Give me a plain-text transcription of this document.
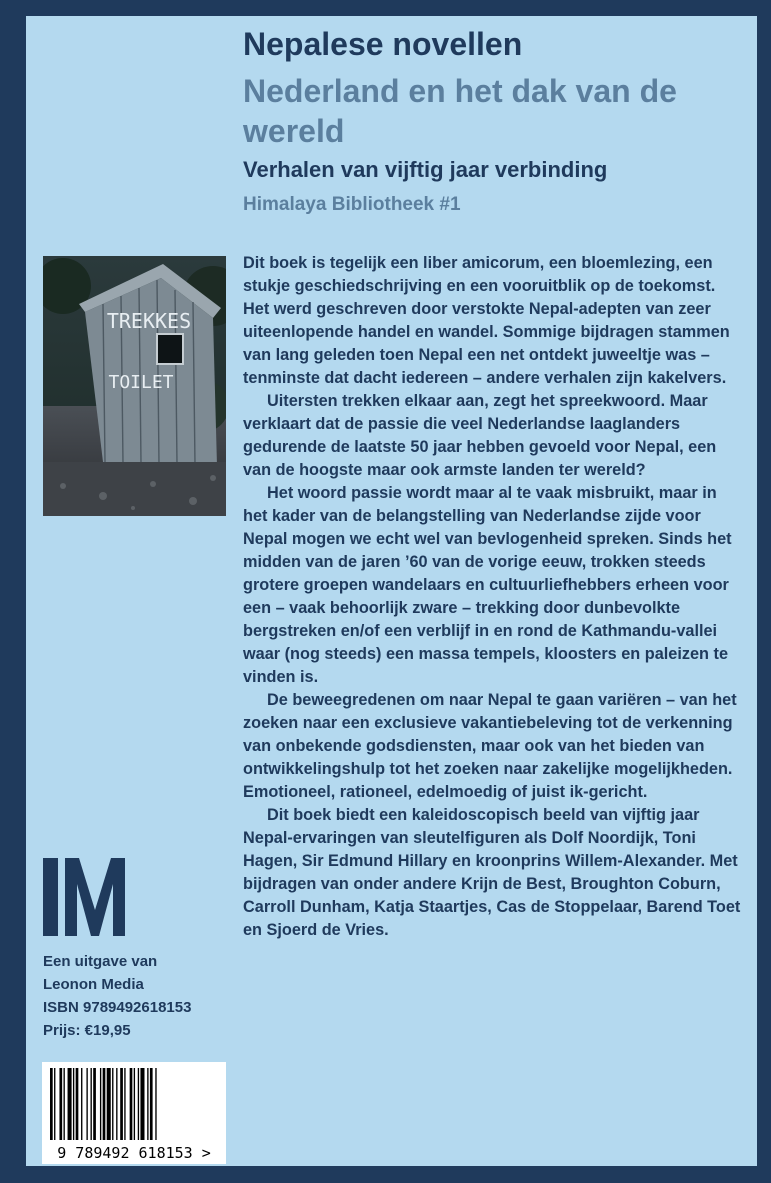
Nepalese novellen
Nederland en het dak van de wereld
Verhalen van vijftig jaar verbinding
Himalaya Bibliotheek #1
TREKKES
TOILET

Dit boek is tegelijk een liber amicorum, een bloemlezing, een stukje geschiedschrijving en een vooruitblik op de toekomst. Het werd geschreven door verstokte Nepal-adepten van zeer uiteenlopende handel en wandel. Sommige bijdragen stammen van lang geleden toen Nepal een net ontdekt juweeltje was – tenminste dat dacht iedereen – andere verhalen zijn kakelvers.

Uitersten trekken elkaar aan, zegt het spreekwoord. Maar verklaart dat de passie die veel Nederlandse laaglanders gedurende de laatste 50 jaar hebben gevoeld voor Nepal, een van de hoogste maar ook armste landen ter wereld?

Het woord passie wordt maar al te vaak misbruikt, maar in het kader van de belangstelling van Nederlandse zijde voor Nepal mogen we echt wel van bevlogenheid spreken. Sinds het midden van de jaren ’60 van de vorige eeuw, trokken steeds grotere groepen wandelaars en cultuurliefhebbers erheen voor een – vaak behoorlijk zware – trekking door dunbevolkte bergstreken en/of een verblijf in en rond de Kathmandu-vallei waar (nog steeds) een massa tempels, kloosters en paleizen te vinden is.

De beweegredenen om naar Nepal te gaan variëren – van het zoeken naar een exclusieve vakantiebeleving tot de verkenning van onbekende godsdiensten, maar ook van het bieden van ontwikkelingshulp tot het zoeken naar zakelijke mogelijkheden. Emotioneel, rationeel, edelmoedig of juist ik-gericht.

Dit boek biedt een kaleidoscopisch beeld van vijftig jaar Nepal-ervaringen van sleutelfiguren als Dolf Noordijk, Toni Hagen, Sir Edmund Hillary en kroonprins Willem-Alexander. Met bijdragen van onder andere Krijn de Best, Broughton Coburn, Carroll Dunham, Katja Staartjes, Cas de Stoppelaar, Barend Toet en Sjoerd de Vries.

Een uitgave van
Leonon Media
ISBN 9789492618153
Prijs: €19,95
9 789492 618153 >
